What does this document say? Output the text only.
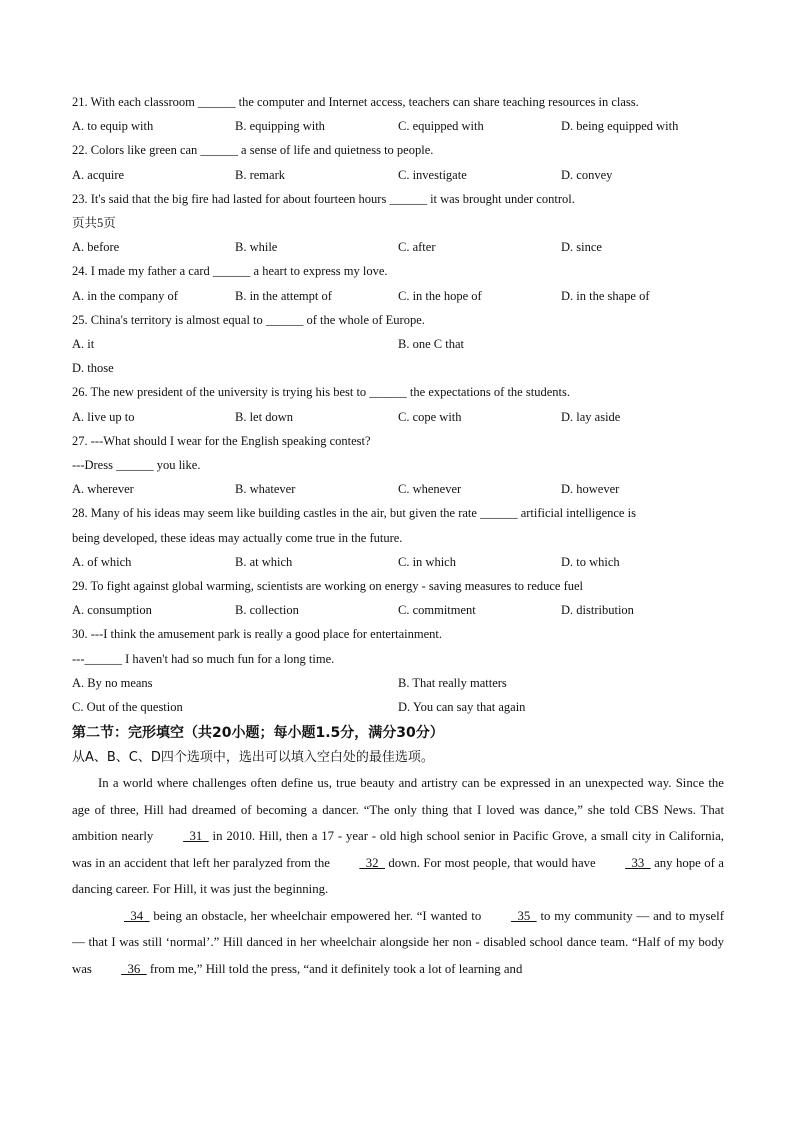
21. With each classroom ______ the computer and Internet access, teachers can share teaching resources in class.
A. to equip with	B. equipping with	C. equipped with	D. being equipped with
22. Colors like green can ______ a sense of life and quietness to people.
A. acquire	B. remark	C. investigate	D. convey
23. It's said that the big fire had lasted for about fourteen hours ______ it was brought under control.
页共5页
A. before	B. while	C. after	D. since
24. I made my father a card ______ a heart to express my love.
A. in the company of	B. in the attempt of	C. in the hope of	D. in the shape of
25. China's territory is almost equal to ______ of the whole of Europe.
A. it	B. one C that
D. those
26. The new president of the university is trying his best to ______ the expectations of the students.
A. live up to	B. let down	C. cope with	D. lay aside
27. ---What should I wear for the English speaking contest?
---Dress ______ you like.
A. wherever	B. whatever	C. whenever	D. however
28. Many of his ideas may seem like building castles in the air, but given the rate ______ artificial intelligence is
being developed, these ideas may actually come true in the future.
A. of which	B. at which	C. in which	D. to which
29. To fight against global warming, scientists are working on energy - saving measures to reduce fuel
A. consumption	B. collection	C. commitment	D. distribution
30. ---I think the amusement park is really a good place for entertainment.
---______ I haven't had so much fun for a long time.
A. By no means	B. That really matters
C. Out of the question	D. You can say that again
第二节：完形填空（共20小题；每小题1.5分，满分30分）
从A、B、C、D四个选项中，选出可以填入空白处的最佳选项。
In a world where challenges often define us, true beauty and artistry can be expressed in an unexpected way. Since the age of three, Hill had dreamed of becoming a dancer. “The only thing that I loved was dance,” she told CBS News. That ambition nearly   31   in 2010. Hill, then a 17 - year - old high school senior in Pacific Grove, a small city in California, was in an accident that left her paralyzed from the   32   down. For most people, that would have   33   any hope of a dancing career. For Hill, it was just the beginning.
34   being an obstacle, her wheelchair empowered her. “I wanted to   35   to my community — and to myself — that I was still ‘normal’.” Hill danced in her wheelchair alongside her non - disabled school dance team. “Half of my body was   36   from me,” Hill told the press, “and it definitely took a lot of learning and
